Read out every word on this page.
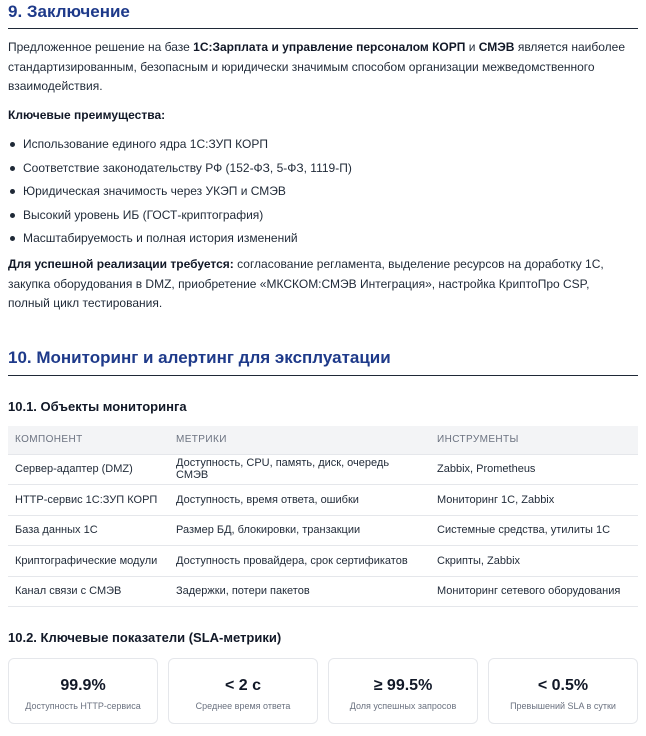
9. Заключение

Предложенное решение на базе 1С:Зарплата и управление персоналом КОРП и СМЭВ является наиболее стандартизированным, безопасным и юридически значимым способом организации межведомственного взаимодействия.

Ключевые преимущества:
Использование единого ядра 1С:ЗУП КОРП
Соответствие законодательству РФ (152-ФЗ, 5-ФЗ, 1119-П)
Юридическая значимость через УКЭП и СМЭВ
Высокий уровень ИБ (ГОСТ-криптография)
Масштабируемость и полная история изменений

Для успешной реализации требуется: согласование регламента, выделение ресурсов на доработку 1С, закупка оборудования в DMZ, приобретение «МКСКОМ:СМЭВ Интеграция», настройка КриптоПро CSP, полный цикл тестирования.

10. Мониторинг и алертинг для эксплуатации
10.1. Объекты мониторинга
КОМПОНЕНТ	МЕТРИКИ	ИНСТРУМЕНТЫ
Сервер-адаптер (DMZ)	Доступность, CPU, память, диск, очередь СМЭВ	Zabbix, Prometheus
HTTP-сервис 1С:ЗУП КОРП	Доступность, время ответа, ошибки	Мониторинг 1С, Zabbix
База данных 1С	Размер БД, блокировки, транзакции	Системные средства, утилиты 1С
Криптографические модули	Доступность провайдера, срок сертификатов	Скрипты, Zabbix
Канал связи с СМЭВ	Задержки, потери пакетов	Мониторинг сетевого оборудования
10.2. Ключевые показатели (SLA-метрики)
99.9%
Доступность HTTP-сервиса
< 2 с
Среднее время ответа
≥ 99.5%
Доля успешных запросов
< 0.5%
Превышений SLA в сутки
